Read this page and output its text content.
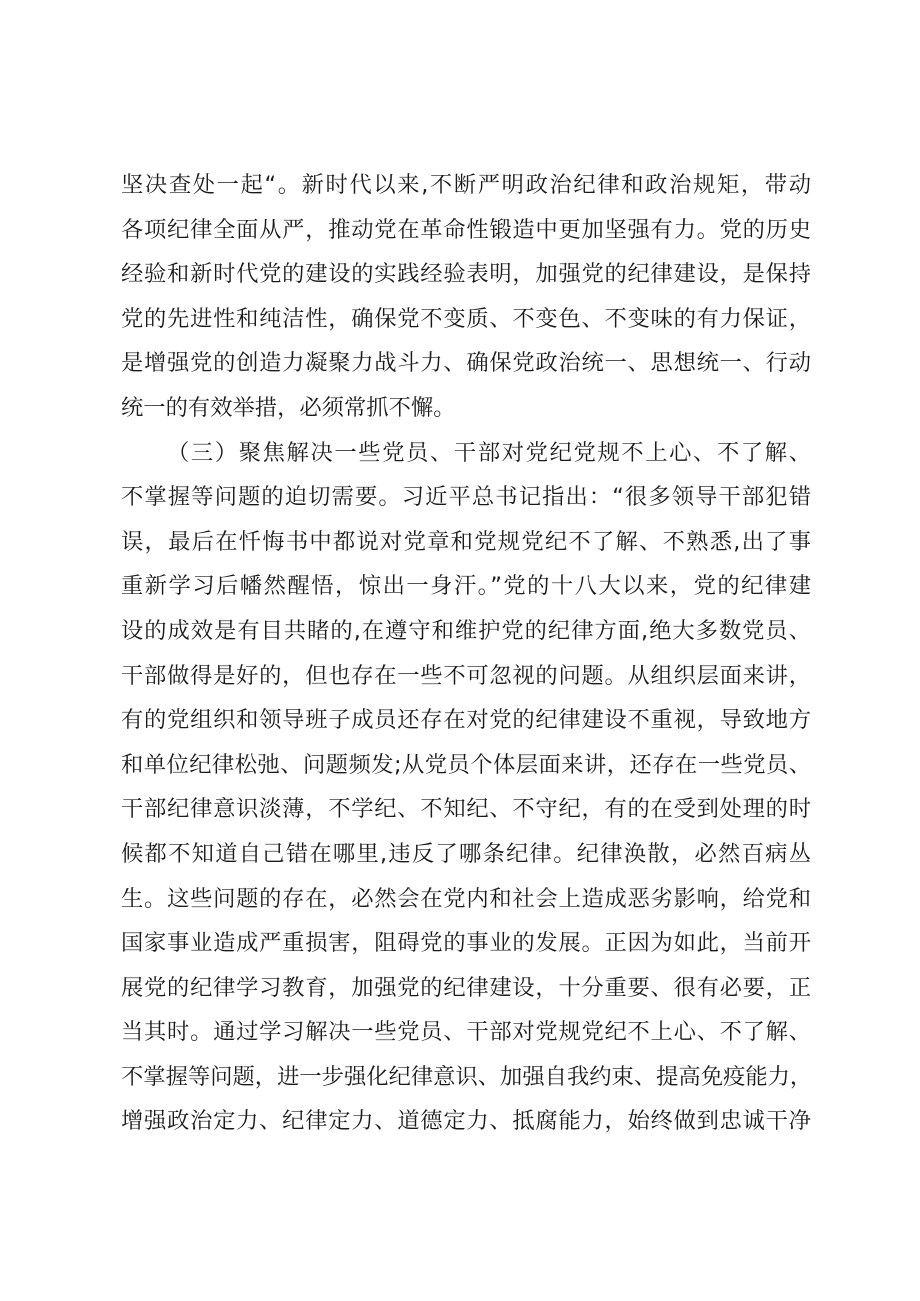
坚决查处一起“。新时代以来,不断严明政治纪律和政治规矩，带动
各项纪律全面从严，推动党在革命性锻造中更加坚强有力。党的历史
经验和新时代党的建设的实践经验表明，加强党的纪律建设，是保持
党的先进性和纯洁性，确保党不变质、不变色、不变味的有力保证，
是增强党的创造力凝聚力战斗力、确保党政治统一、思想统一、行动
统一的有效举措，必须常抓不懈。
（三）聚焦解决一些党员、干部对党纪党规不上心、不了解、
不掌握等问题的迫切需要。习近平总书记指出：“很多领导干部犯错
误，最后在忏悔书中都说对党章和党规党纪不了解、不熟悉,出了事
重新学习后幡然醒悟，惊出一身汗。”党的十八大以来，党的纪律建
设的成效是有目共睹的,在遵守和维护党的纪律方面,绝大多数党员、
干部做得是好的，但也存在一些不可忽视的问题。从组织层面来讲，
有的党组织和领导班子成员还存在对党的纪律建设不重视，导致地方
和单位纪律松弛、问题频发;从党员个体层面来讲，还存在一些党员、
干部纪律意识淡薄，不学纪、不知纪、不守纪，有的在受到处理的时
候都不知道自己错在哪里,违反了哪条纪律。纪律涣散，必然百病丛
生。这些问题的存在，必然会在党内和社会上造成恶劣影响，给党和
国家事业造成严重损害，阻碍党的事业的发展。正因为如此，当前开
展党的纪律学习教育，加强党的纪律建设，十分重要、很有必要，正
当其时。通过学习解决一些党员、干部对党规党纪不上心、不了解、
不掌握等问题，进一步强化纪律意识、加强自我约束、提高免疫能力，
增强政治定力、纪律定力、道德定力、抵腐能力，始终做到忠诚干净
